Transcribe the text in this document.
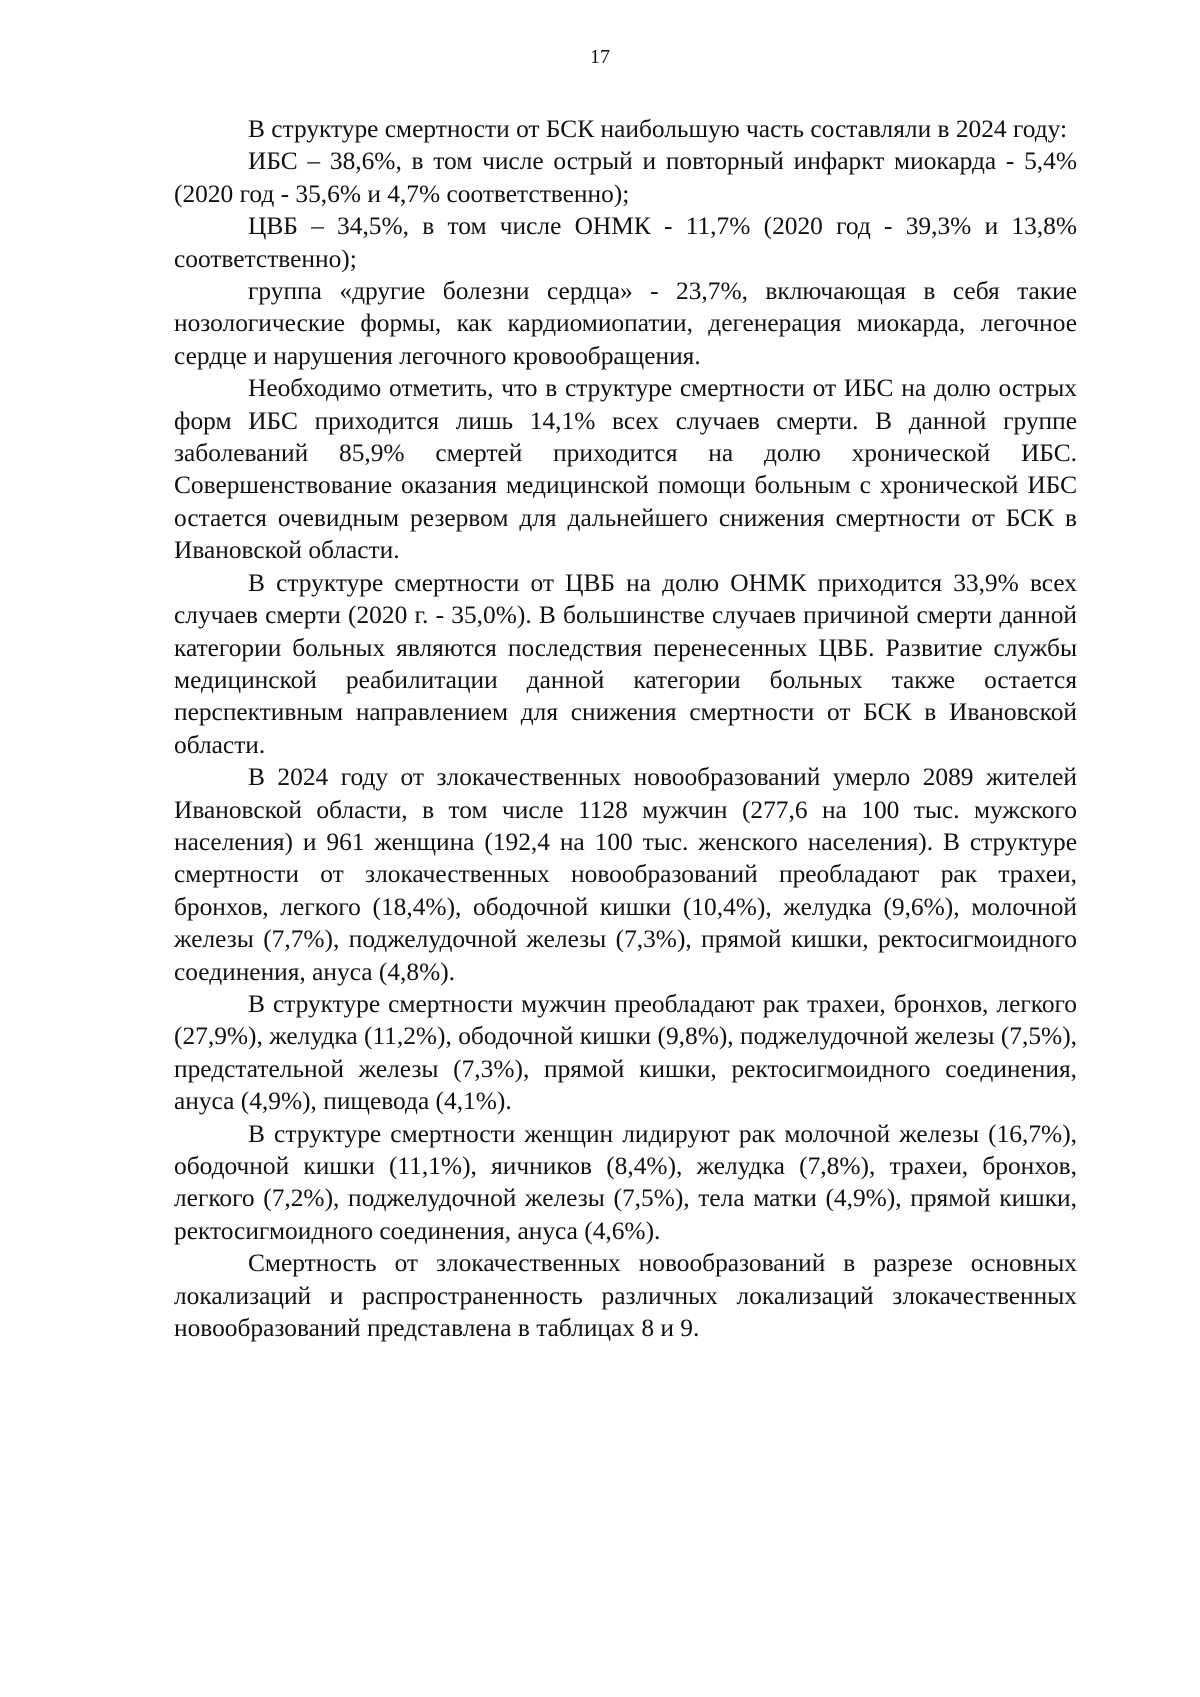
17

В структуре смертности от БСК наибольшую часть составляли в 2024 году:

ИБС – 38,6%, в том числе острый и повторный инфаркт миокарда - 5,4% (2020 год - 35,6% и 4,7% соответственно);

ЦВБ – 34,5%, в том числе ОНМК - 11,7% (2020 год - 39,3% и 13,8% соответственно);

группа «другие болезни сердца» - 23,7%, включающая в себя такие нозологические формы, как кардиомиопатии, дегенерация миокарда, легочное сердце и нарушения легочного кровообращения.

Необходимо отметить, что в структуре смертности от ИБС на долю острых форм ИБС приходится лишь 14,1% всех случаев смерти. В данной группе заболеваний 85,9% смертей приходится на долю хронической ИБС. Совершенствование оказания медицинской помощи больным с хронической ИБС остается очевидным резервом для дальнейшего снижения смертности от БСК в Ивановской области.

В структуре смертности от ЦВБ на долю ОНМК приходится 33,9% всех случаев смерти (2020 г. - 35,0%). В большинстве случаев причиной смерти данной категории больных являются последствия перенесенных ЦВБ. Развитие службы медицинской реабилитации данной категории больных также остается перспективным направлением для снижения смертности от БСК в Ивановской области.

В 2024 году от злокачественных новообразований умерло 2089 жителей Ивановской области, в том числе 1128 мужчин (277,6 на 100 тыс. мужского населения) и 961 женщина (192,4 на 100 тыс. женского населения). В структуре смертности от злокачественных новообразований преобладают рак трахеи, бронхов, легкого (18,4%), ободочной кишки (10,4%), желудка (9,6%), молочной железы (7,7%), поджелудочной железы (7,3%), прямой кишки, ректосигмоидного соединения, ануса (4,8%).

В структуре смертности мужчин преобладают рак трахеи, бронхов, легкого (27,9%), желудка (11,2%), ободочной кишки (9,8%), поджелудочной железы (7,5%), предстательной железы (7,3%), прямой кишки, ректосигмоидного соединения, ануса (4,9%), пищевода (4,1%).

В структуре смертности женщин лидируют рак молочной железы (16,7%), ободочной кишки (11,1%), яичников (8,4%), желудка (7,8%), трахеи, бронхов, легкого (7,2%), поджелудочной железы (7,5%), тела матки (4,9%), прямой кишки, ректосигмоидного соединения, ануса (4,6%).

Смертность от злокачественных новообразований в разрезе основных локализаций и распространенность различных локализаций злокачественных новообразований представлена в таблицах 8 и 9.
